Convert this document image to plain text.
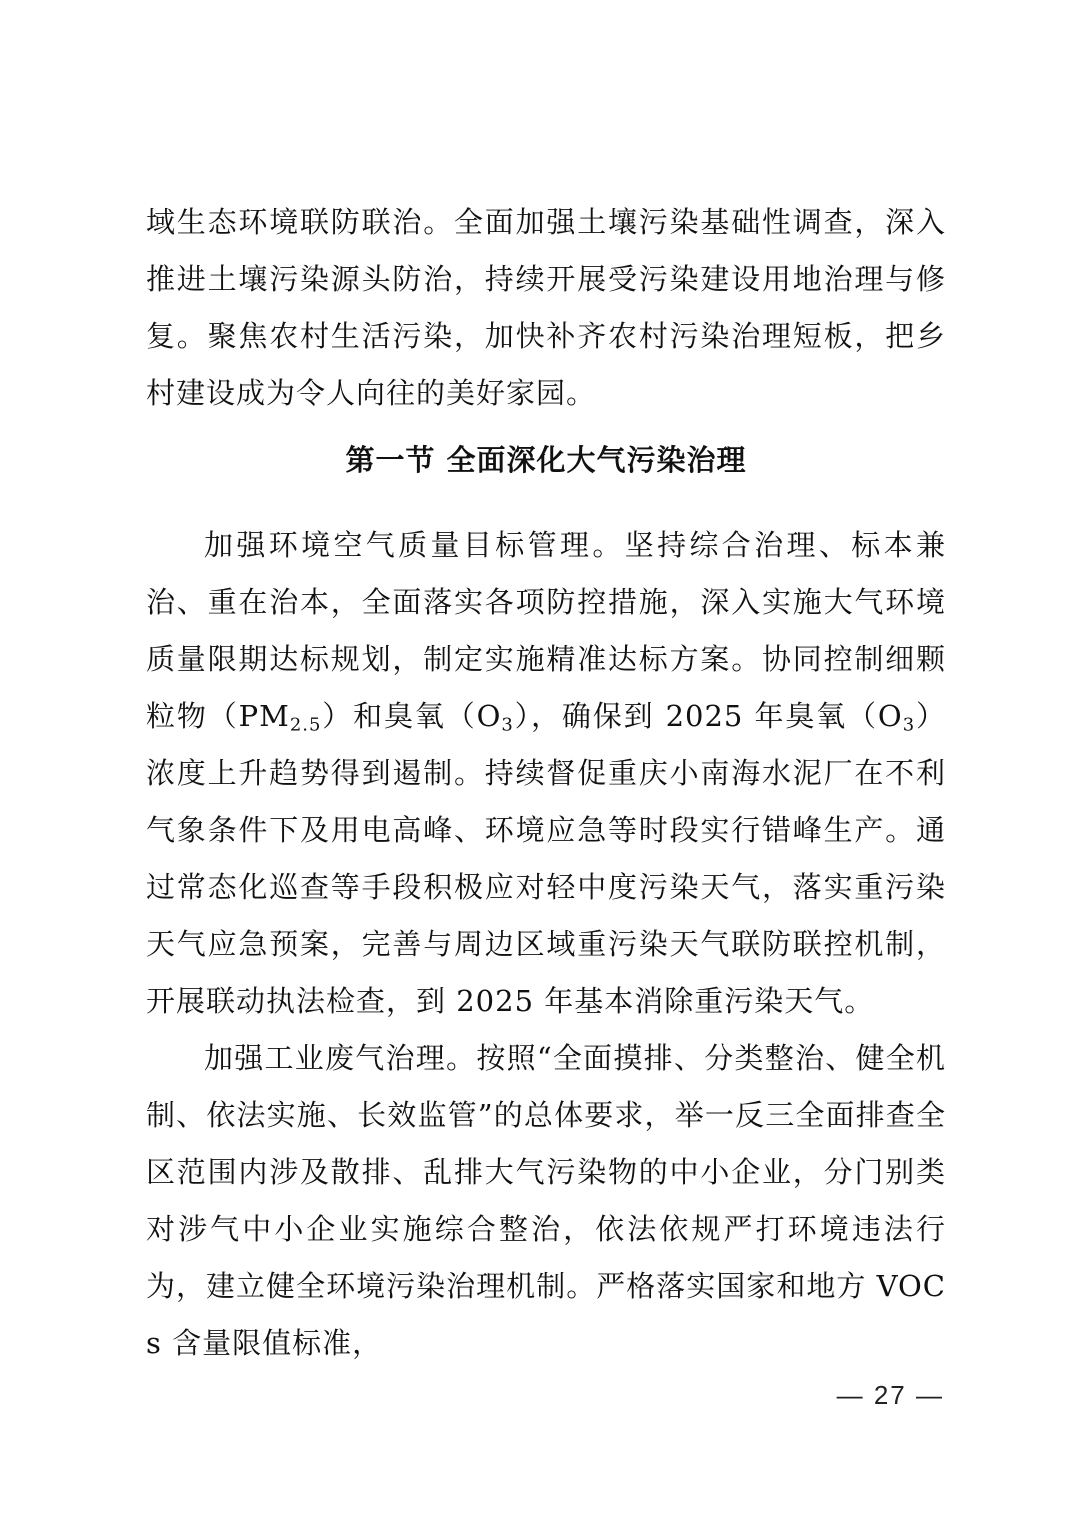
域生态环境联防联治。全面加强土壤污染基础性调查，深入推进土壤污染源头防治，持续开展受污染建设用地治理与修复。聚焦农村生活污染，加快补齐农村污染治理短板，把乡村建设成为令人向往的美好家园。

第一节 全面深化大气污染治理

加强环境空气质量目标管理。坚持综合治理、标本兼治、重在治本，全面落实各项防控措施，深入实施大气环境质量限期达标规划，制定实施精准达标方案。协同控制细颗粒物$(PM_{2.5})$和臭氧$(O_3)$，确保到 2025 年臭氧$(O_3)$浓度上升趋势得到遏制。持续督促重庆小南海水泥厂在不利气象条件下及用电高峰、环境应急等时段实行错峰生产。通过常态化巡查等手段积极应对轻中度污染天气，落实重污染天气应急预案，完善与周边区域重污染天气联防联控机制，开展联动执法检查，到 2025 年基本消除重污染天气。

加强工业废气治理。按照“全面摸排、分类整治、健全机制、依法实施、长效监管”的总体要求，举一反三全面排查全区范围内涉及散排、乱排大气污染物的中小企业，分门别类对涉气中小企业实施综合整治，依法依规严打环境违法行为，建立健全环境污染治理机制。严格落实国家和地方 VOCs 含量限值标准，

— 27 —
